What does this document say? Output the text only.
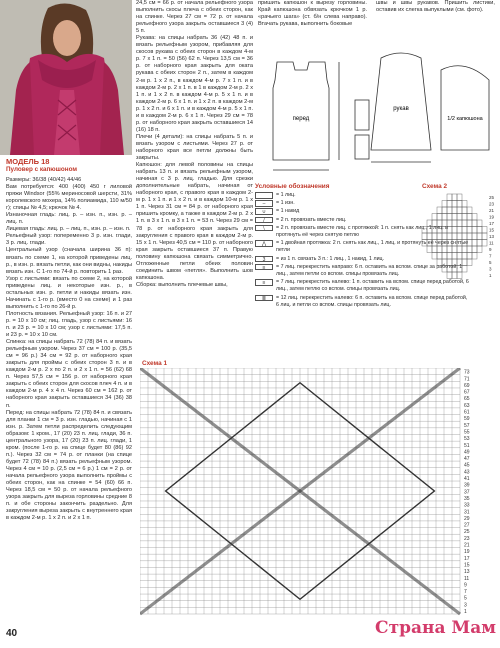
МОДЕЛЬ 18
Пуловер с капюшоном
Размеры: 36/38 (40/42) 44/46
Вам потребуется: 400 (400) 450 г лиловой пряжи Windsor (55% мериносовой шерсти, 31% королевского мохера, 14% полиамида, 110 м/50 г); спицы № 4,5; крючок № 4.
Изнаночная гладь: лиц. р. – изн. п., изн. р. – лиц. п.
Лицевая гладь: лиц. р. – лиц. п., изн. р. – изн. п.
Рельефный узор: попеременно 3 р. изн. глади, 3 р. лиц. глади.
Центральный узор (сначала ширина 36 п): вязать по схеме 1, на которой приведены лиц. р., в изн. р. вязать петли, как они видны, накиды вязать изн. С 1-го по 74-й р. повторить 1 раз.
Узор с листьями: вязать по схеме 2, на которой приведены лиц. и некоторые изн. р., в остальных изн. р. петли и накиды вязать изн. Начинать с 1-го р. (вместо 0 на схеме) и 1 раз выполнить с 1-го по 26-й р.
Плотность вязания. Рельефный узор: 16 п. и 27 р. = 10 х 10 см; лиц. гладь, узор с листьями: 16 п. и 23 р. = 10 х 10 см; узор с листьями: 17,5 п. и 23 р. = 10 х 10 см.
Спинка: на спицы набрать 72 (78) 84 п. и вязать рельефным узором. Через 37 см = 100 р. (35,5 см = 96 р.) 34 см = 92 р. от наборного края закрыть для проймы с обеих сторон 3 п. и в каждом 2-м р. 2 х по 2 п. и 2 х 1 п. = 56 (62) 68 п. Через 57,5 см = 156 р. от наборного края закрыть с обеих сторон для скосов плеч 4 п. и в каждом 2-м р. 4 х 4 п. Через 60 см = 162 р. от наборного края закрыть оставшиеся 34 (36) 38 п.
Перед: на спицы набрать 72 (78) 84 п. и связать для планки 1 см = 3 р. изн. гладью, начиная с 1 изн. р. Затем петли распределить следующим образом: 1 кром., 17 (20) 23 п. лиц. глади, 36 п. центрального узора, 17 (20) 23 п. лиц. глади, 1 кром. (после 1-го р. на спице будет 80 (86) 92 п.). Через 32 см = 74 р. от планки (на спице будет 72 (78) 84 п.) вязать рельефным узором. Через 4 см = 10 р. (2,5 см = 6 р.) 1 см = 2 р. от начала рельефного узора выполнить проймы с обеих сторон, как на спинке = 54 (60) 66 п. Через 18,5 см = 50 р. от начала рельефного узора закрыть для выреза горловины средние 8 п. и обе стороны закончить раздельно. Для закругления выреза закрыть с внутреннего края в каждом 2-м р. 1 х 2 п. и 2 х 1 п.
24,5 см = 66 р. от начала рельефного узора выполнить скосы плеча с обеих сторон, как на спинке. Через 27 см = 72 р. от начала рельефного узора закрыть оставшиеся 3 (4) 5 п.
Рукава: на спицы набрать 36 (42) 48 п. и вязать рельефным узором, прибавляя для скосов рукава с обеих сторон в каждом 4-м р. 7 х 1 п. = 50 (56) 62 п. Через 13,5 см = 36 р. от наборного края закрыть для оката рукава с обеих сторон 2 п., затем в каждом 2-м р. 1 х 2 п., в каждом 4-м р. 7 х 1 п. и в каждом 2-м р. 2 х 1 п. в 1 в каждом 2-м р. 2 х 1 п. и 1 х 2 п. в каждом 4-м р. 5 х 1 п. и в каждом 2-м р. 6 х 1 п. и 1 х 2 п. в каждом 2-м р. 1 х 2 п. и 6 х 1 п. и в каждом 4-м р. 5 х 1 п. и в каждом 2-м р. 6 х 1 п. Через 29 см = 78 р. от наборного края закрыть оставшиеся 14 (16) 18 п.
Плечи (4 детали): на спицы набрать 5 п. и вязать узором с листьями. Через 27 р. от наборного края все петли должны быть закрыты.
Капюшон: для левой половины на спицы набрать 13 п. и вязать рельефным узором, начиная с 3 р. лиц. гладью. Для срезки дополнительные набрать, начиная от наборного края, с правого края в каждом 2-м р. 1 х 1 п. и 1 х 2 п. и в каждом 10-м р. 1 х 1 п. Через 31 см = 84 р. от наборного края пришить кромку, а также в каждом 2-м р. 2 х 1 п. в 3 х 1 п. в 3 х 1 п. = 53 п. Через 29 см = 78 р. от наборного края закрыть для закругления с правого края в каждом 2-м р. 15 х 1 п. Через 40,5 см = 110 р. от наборного края закрыть оставшиеся 37 п. Правую половину капюшона связать симметрично. Отложенные петли обеих половин соединить швом «петля». Выполнить шов капюшона.
Сборка: выполнить плечевые швы,
пришить капюшон к вырезу горловины. Край капюшона обвязать крючком 1 р. «рачьего шага» (ст. б/н слева направо). Втачать рукава, выполнить боковые
швы и швы рукавов. Пришить листики, оставив их слегка выпуклыми (см. фото).
перед
рукав
1/2 капюшона
Условные обозначения
= 1 лиц.
–	= 1 изн.
∪	= 1 накид
/	= 2 п. провязать вместе лиц.
\	= 2 п. провязать вместе лиц. с протяжкой: 1 п. снять как лиц., 1 лиц. и протянуть её через снятую петлю
⋀	= 1 двойная протяжка: 2 п. снять как лиц., 1 лиц. и протянуть её через снятые петли
3	= из 1 п. связать 3 п.: 1 лиц., 1 накид, 1 лиц.
≡	= 7 лиц. перекрестить направо: 6 п. оставить на вспом. спице за работой, 1 лиц., затем петли со вспом. спицы провязать лиц.
≡	= 7 лиц. перекрестить налево: 1 п. оставить на вспом. спице перед работой, 6 лиц., затем петлю со вспом. спицы провязать лиц.
≣	= 12 лиц. перекрестить налево: 6 п. оставить на вспом. спице перед работой, 6 лиц. и петли со вспом. спицы провязать лиц.
Схема 2
25
23
21
19
17
15
13
11
9
7
5
3
1
Схема 1
73
71
69
67
65
63
61
59
57
55
53
51
49
47
45
43
41
39
37
35
33
31
29
27
25
23
21
19
17
15
13
11
9
7
5
3
1
40	Страна Мам
